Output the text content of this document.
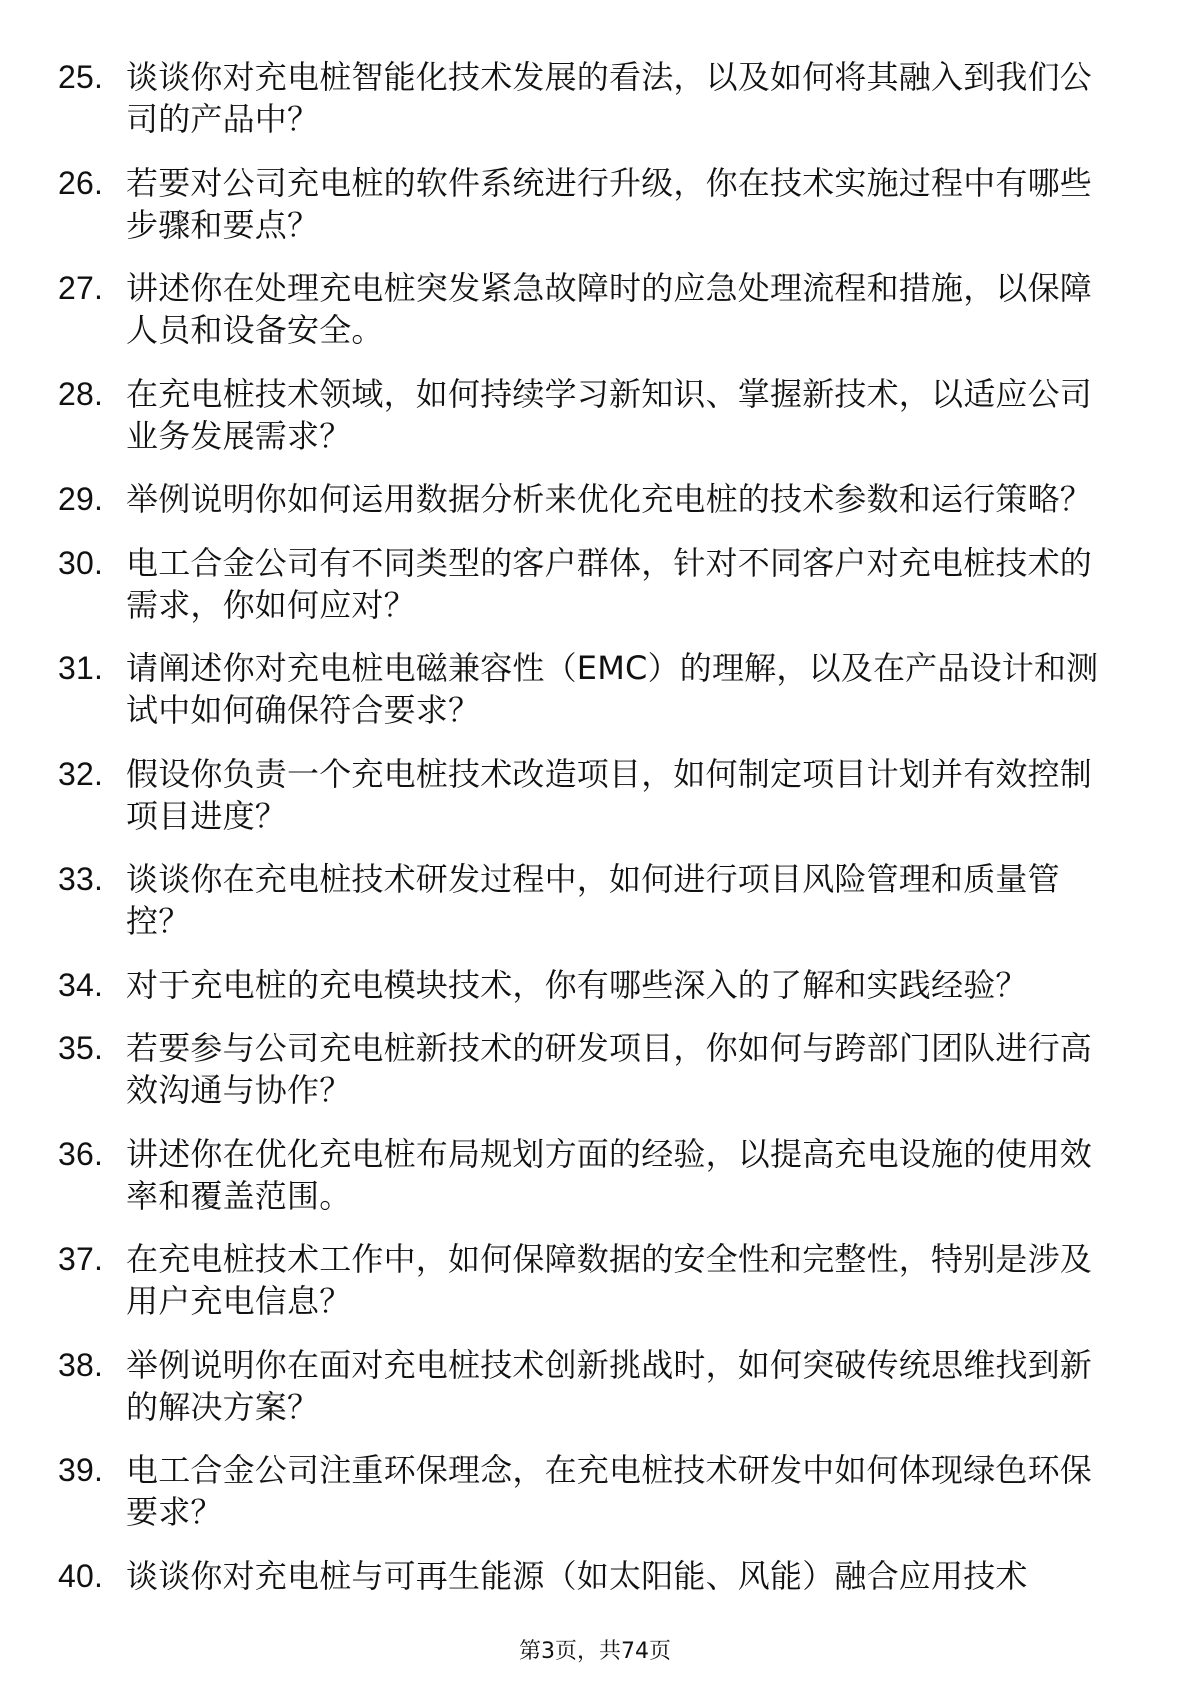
25. 谈谈你对充电桩智能化技术发展的看法，以及如何将其融入到我们公司的产品中？
26. 若要对公司充电桩的软件系统进行升级，你在技术实施过程中有哪些步骤和要点？
27. 讲述你在处理充电桩突发紧急故障时的应急处理流程和措施，以保障人员和设备安全。
28. 在充电桩技术领域，如何持续学习新知识、掌握新技术，以适应公司业务发展需求？
29. 举例说明你如何运用数据分析来优化充电桩的技术参数和运行策略？
30. 电工合金公司有不同类型的客户群体，针对不同客户对充电桩技术的需求，你如何应对？
31. 请阐述你对充电桩电磁兼容性（EMC）的理解，以及在产品设计和测试中如何确保符合要求？
32. 假设你负责一个充电桩技术改造项目，如何制定项目计划并有效控制项目进度？
33. 谈谈你在充电桩技术研发过程中，如何进行项目风险管理和质量管控？
34. 对于充电桩的充电模块技术，你有哪些深入的了解和实践经验？
35. 若要参与公司充电桩新技术的研发项目，你如何与跨部门团队进行高效沟通与协作？
36. 讲述你在优化充电桩布局规划方面的经验，以提高充电设施的使用效率和覆盖范围。
37. 在充电桩技术工作中，如何保障数据的安全性和完整性，特别是涉及用户充电信息？
38. 举例说明你在面对充电桩技术创新挑战时，如何突破传统思维找到新的解决方案？
39. 电工合金公司注重环保理念，在充电桩技术研发中如何体现绿色环保要求？
40. 谈谈你对充电桩与可再生能源（如太阳能、风能）融合应用技术
第3页，共74页
